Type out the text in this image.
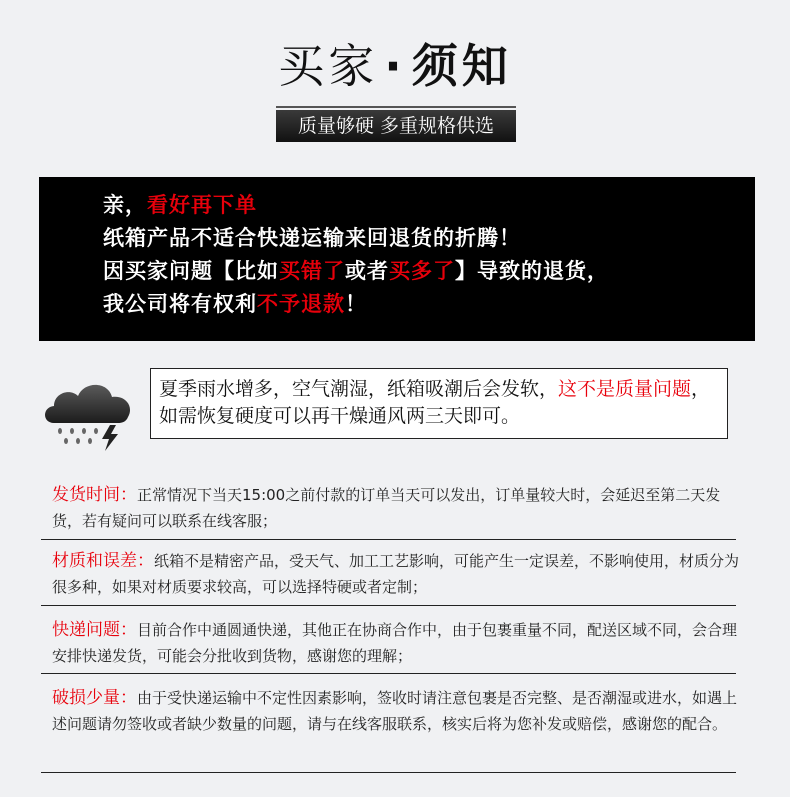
买家 · 须知
质量够硬 多重规格供选
亲，看好再下单
纸箱产品不适合快递运输来回退货的折腾！
因买家问题【比如买错了或者买多了】导致的退货，
我公司将有权利不予退款！
夏季雨水增多，空气潮湿，纸箱吸潮后会发软，这不是质量问题，如需恢复硬度可以再干燥通风两三天即可。
发货时间：正常情况下当天15:00之前付款的订单当天可以发出，订单量较大时，会延迟至第二天发货，若有疑问可以联系在线客服；
材质和误差：纸箱不是精密产品，受天气、加工工艺影响，可能产生一定误差，不影响使用，材质分为很多种，如果对材质要求较高，可以选择特硬或者定制；
快递问题：目前合作中通圆通快递，其他正在协商合作中，由于包裹重量不同，配送区域不同，会合理安排快递发货，可能会分批收到货物，感谢您的理解；
破损少量：由于受快递运输中不定性因素影响，签收时请注意包裹是否完整、是否潮湿或进水，如遇上述问题请勿签收或者缺少数量的问题，请与在线客服联系，核实后将为您补发或赔偿，感谢您的配合。
